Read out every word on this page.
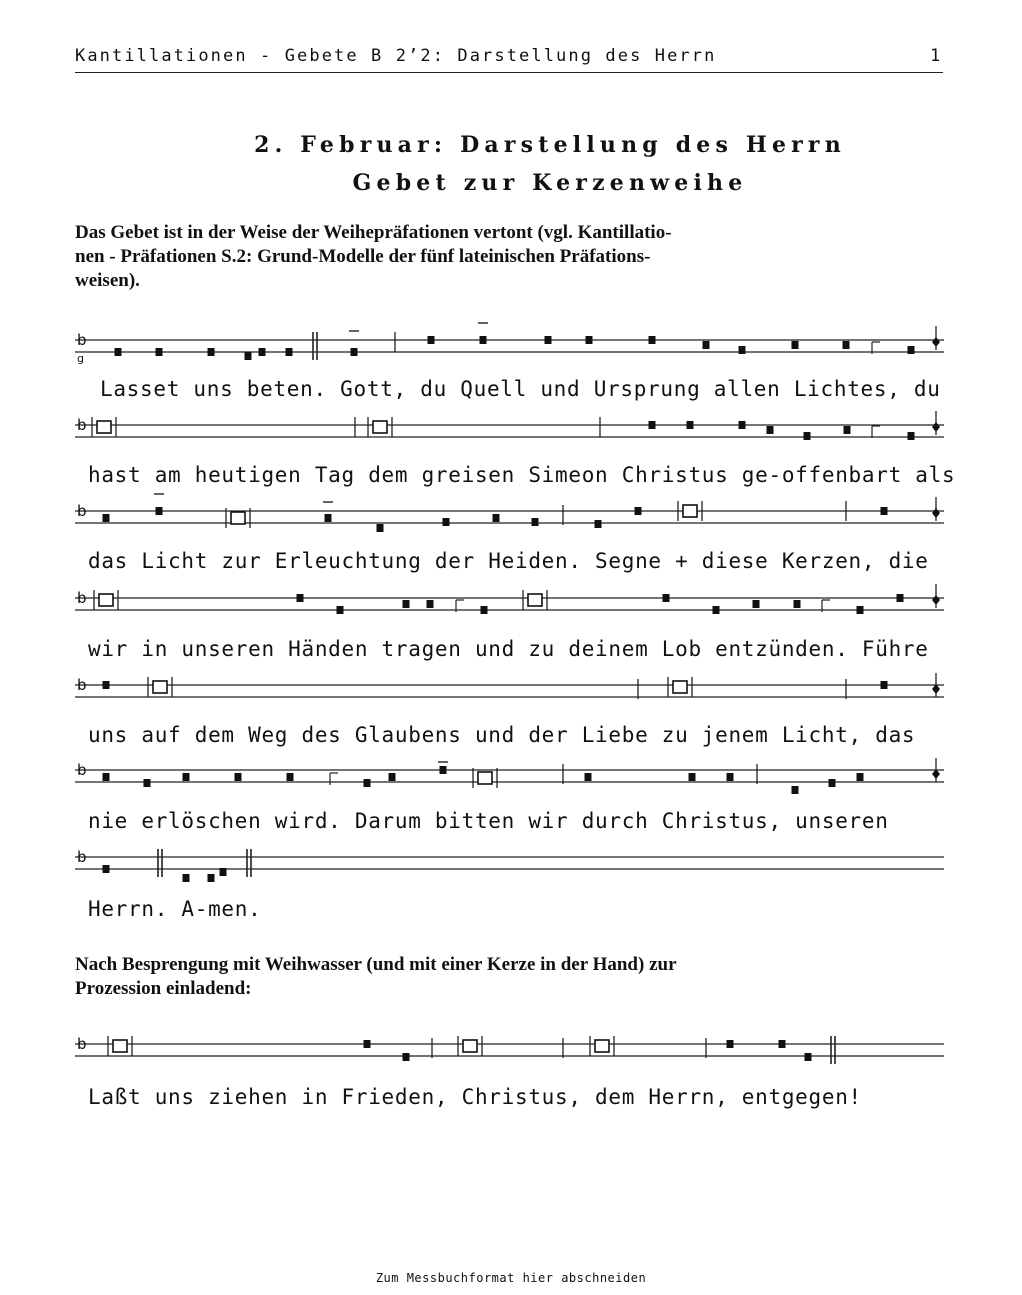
Kantillationen - Gebete B 2’2: Darstellung des Herrn	1
2. Februar: Darstellung des Herrn
Gebet zur Kerzenweihe
Das Gebet ist in der Weise der Weihepräfationen vertont (vgl. Kantillatio-
nen - Präfationen S.2: Grund-Modelle der fünf lateinischen Präfations-
weisen).
b
b
b
b
b
b
b
b
g
Lasset uns beten. Gott, du Quell und Ursprung allen Lichtes, du
hast am heutigen Tag dem greisen Simeon Christus ge-offenbart als
das Licht zur Erleuchtung der Heiden. Segne + diese Kerzen, die
wir in unseren Händen tragen und zu deinem Lob entzünden. Führe
uns auf dem Weg des Glaubens und der Liebe zu jenem Licht, das
nie erlöschen wird. Darum bitten wir durch Christus, unseren
Herrn. A-men.
Nach Besprengung mit Weihwasser (und mit einer Kerze in der Hand) zur
Prozession einladend:
Laßt uns ziehen in Frieden, Christus, dem Herrn, entgegen!
Zum Messbuchformat hier abschneiden
